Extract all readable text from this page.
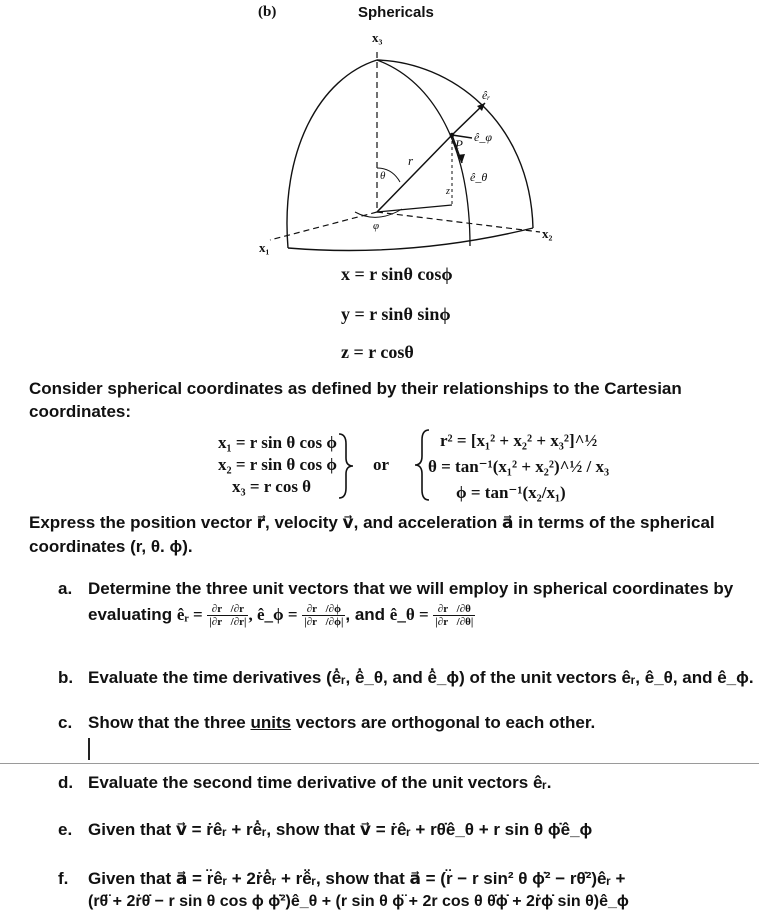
(b)	Sphericals
x₃
x₁
x₂
r
P
θ
φ
z
êᵣ
ê_φ
ê_θ
x = r sinθ cosϕ
y = r sinθ sinϕ
z = r cosθ
Consider spherical coordinates as defined by their relationships to the Cartesian
coordinates:
x₁ = r sin θ cos ϕ
x₂ = r sin θ cos ϕ
x₃ = r cos θ
or
r² = [x₁² + x₂² + x₃²]^½
θ = tan⁻¹(x₁² + x₂²)^½ / x₃
ϕ = tan⁻¹(x₂/x₁)
Express the position vector r⃗, velocity v⃗, and acceleration a⃗ in terms of the spherical
coordinates (r, θ. ϕ).
a. Determine the three unit vectors that we will employ in spherical coordinates by
evaluating êᵣ = $\frac{\partial r⃗/\partial r}{|\partial r⃗/\partial r|}$ , ê_ϕ = $\frac{\partial r⃗/\partial\phi}{|\partial r⃗/\partial\phi|}$ , and ê_θ = $\frac{\partial r⃗/\partial\theta}{|\partial r⃗/\partial\theta|}$
b. Evaluate the time derivatives (ê̇ᵣ, ê̇_θ, and ê̇_ϕ) of the unit vectors êᵣ, ê_θ, and ê_ϕ.
c. Show that the three units vectors are orthogonal to each other.
d. Evaluate the second time derivative of the unit vectors êᵣ.
e. Given that v⃗ = ṙêᵣ + rê̇ᵣ, show that v⃗ = ṙêᵣ + rθ̇ê_θ + r sin θ ϕ̇ê_ϕ
f. Given that a⃗ = r̈êᵣ + 2ṙê̇ᵣ + rê̈ᵣ, show that a⃗ = (r̈ − r sin² θ ϕ̇² − rθ̇²)êᵣ +
(rθ̈ + 2ṙθ̇ − r sin θ cos ϕ ϕ̇²)ê_θ + (r sin θ ϕ̈ + 2r cos θ θ̇ϕ̇ + 2ṙϕ̇ sin θ)ê_ϕ
